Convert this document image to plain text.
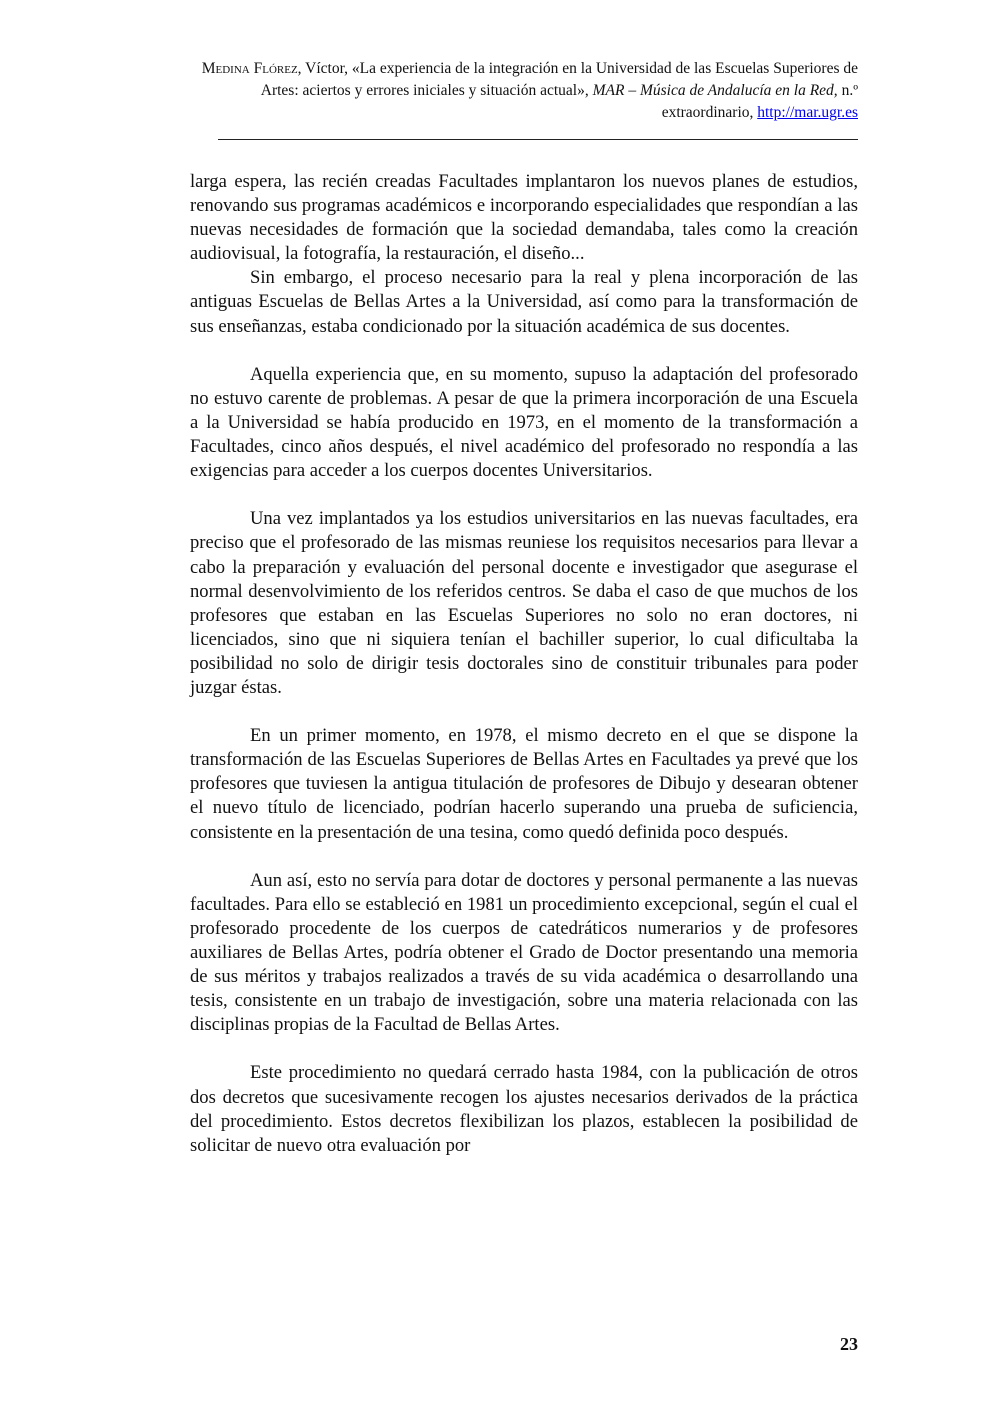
Medina Flórez, Víctor, «La experiencia de la integración en la Universidad de las Escuelas Superiores de Artes: aciertos y errores iniciales y situación actual», MAR – Música de Andalucía en la Red, n.º extraordinario, http://mar.ugr.es

larga espera, las recién creadas Facultades implantaron los nuevos planes de estudios, renovando sus programas académicos e incorporando especialidades que respondían a las nuevas necesidades de formación que la sociedad demandaba, tales como la creación audiovisual, la fotografía, la restauración, el diseño...

Sin embargo, el proceso necesario para la real y plena incorporación de las antiguas Escuelas de Bellas Artes a la Universidad, así como para la transformación de sus enseñanzas, estaba condicionado por la situación académica de sus docentes.

Aquella experiencia que, en su momento, supuso la adaptación del profesorado no estuvo carente de problemas. A pesar de que la primera incorporación de una Escuela a la Universidad se había producido en 1973, en el momento de la transformación a Facultades, cinco años después, el nivel académico del profesorado no respondía a las exigencias para acceder a los cuerpos docentes Universitarios.

Una vez implantados ya los estudios universitarios en las nuevas facultades, era preciso que el profesorado de las mismas reuniese los requisitos necesarios para llevar a cabo la preparación y evaluación del personal docente e investigador que asegurase el normal desenvolvimiento de los referidos centros. Se daba el caso de que muchos de los profesores que estaban en las Escuelas Superiores no solo no eran doctores, ni licenciados, sino que ni siquiera tenían el bachiller superior, lo cual dificultaba la posibilidad no solo de dirigir tesis doctorales sino de constituir tribunales para poder juzgar éstas.

En un primer momento, en 1978, el mismo decreto en el que se dispone la transformación de las Escuelas Superiores de Bellas Artes en Facultades ya prevé que los profesores que tuviesen la antigua titulación de profesores de Dibujo y desearan obtener el nuevo título de licenciado, podrían hacerlo superando una prueba de suficiencia, consistente en la presentación de una tesina, como quedó definida poco después.

Aun así, esto no servía para dotar de doctores y personal permanente a las nuevas facultades. Para ello se estableció en 1981 un procedimiento excepcional, según el cual el profesorado procedente de los cuerpos de catedráticos numerarios y de profesores auxiliares de Bellas Artes, podría obtener el Grado de Doctor presentando una memoria de sus méritos y trabajos realizados a través de su vida académica o desarrollando una tesis, consistente en un trabajo de investigación, sobre una materia relacionada con las disciplinas propias de la Facultad de Bellas Artes.

Este procedimiento no quedará cerrado hasta 1984, con la publicación de otros dos decretos que sucesivamente recogen los ajustes necesarios derivados de la práctica del procedimiento. Estos decretos flexibilizan los plazos, establecen la posibilidad de solicitar de nuevo otra evaluación por

23
